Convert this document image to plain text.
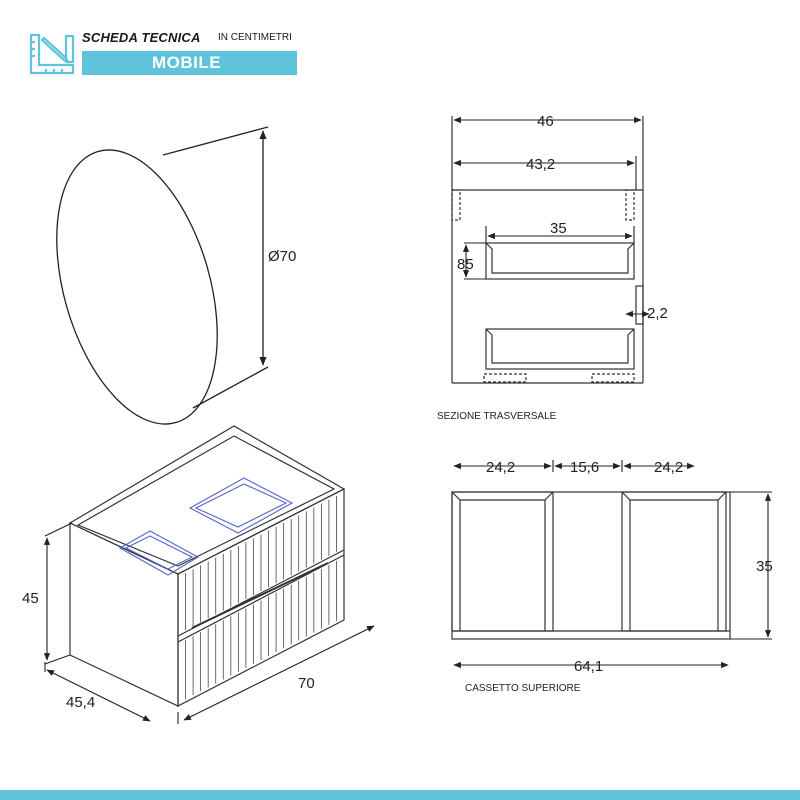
SCHEDA TECNICA IN CENTIMETRI
MOBILE
Ø70
45
45,4
70
46
43,2
35
85
2,2
SEZIONE TRASVERSALE
24,2	15,6	24,2
35
64,1
CASSETTO SUPERIORE
